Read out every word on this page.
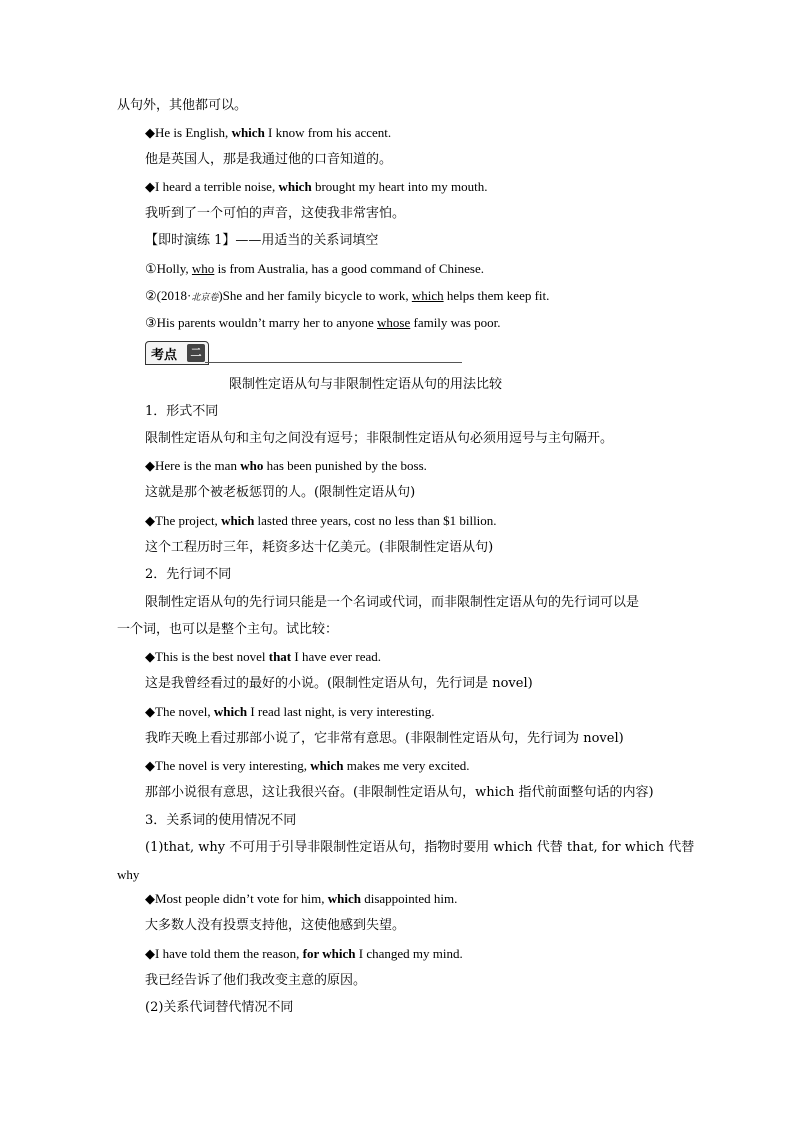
从句外，其他都可以。
◆He is English, which I know from his accent.
他是英国人，那是我通过他的口音知道的。
◆I heard a terrible noise, which brought my heart into my mouth.
我听到了一个可怕的声音，这使我非常害怕。
【即时演练 1】——用适当的关系词填空
①Holly, who is from Australia, has a good command of Chinese.
②(2018·北京卷)She and her family bicycle to work, which helps them keep fit.
③His parents wouldn’t marry her to anyone whose family was poor.
考点	二
限制性定语从句与非限制性定语从句的用法比较
1．形式不同
限制性定语从句和主句之间没有逗号；非限制性定语从句必须用逗号与主句隔开。
◆Here is the man who has been punished by the boss.
这就是那个被老板惩罚的人。(限制性定语从句)
◆The project, which lasted three years, cost no less than $1 billion.
这个工程历时三年，耗资多达十亿美元。(非限制性定语从句)
2．先行词不同
限制性定语从句的先行词只能是一个名词或代词，而非限制性定语从句的先行词可以是
一个词，也可以是整个主句。试比较：
◆This is the best novel that I have ever read.
这是我曾经看过的最好的小说。(限制性定语从句，先行词是 novel)
◆The novel, which I read last night, is very interesting.
我昨天晚上看过那部小说了，它非常有意思。(非限制性定语从句，先行词为 novel)
◆The novel is very interesting, which makes me very excited.
那部小说很有意思，这让我很兴奋。(非限制性定语从句，which 指代前面整句话的内容)
3．关系词的使用情况不同
(1)that, why 不可用于引导非限制性定语从句，指物时要用 which 代替 that, for which 代替
why
◆Most people didn’t vote for him, which disappointed him.
大多数人没有投票支持他，这使他感到失望。
◆I have told them the reason, for which I changed my mind.
我已经告诉了他们我改变主意的原因。
(2)关系代词替代情况不同
